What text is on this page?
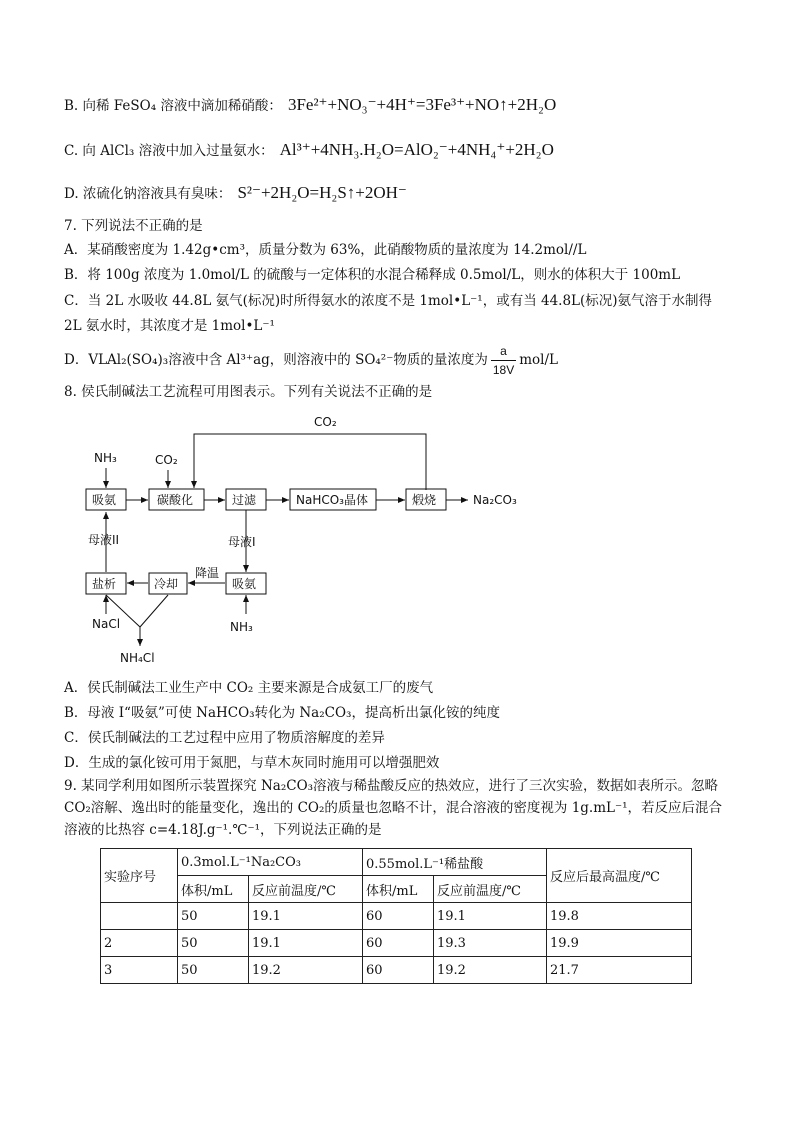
B. 向稀 FeSO₄ 溶液中滴加稀硝酸： 3Fe²⁺+NO₃⁻+4H⁺=3Fe³⁺+NO↑+2H₂O
C. 向 AlCl₃ 溶液中加入过量氨水： Al³⁺+4NH₃.H₂O=AlO₂⁻+4NH₄⁺+2H₂O
D. 浓硫化钠溶液具有臭味： S²⁻+2H₂O=H₂S↑+2OH⁻
7. 下列说法不正确的是
A．某硝酸密度为 1.42g•cm³，质量分数为 63%，此硝酸物质的量浓度为 14.2mol//L
B．将 100g 浓度为 1.0mol/L 的硫酸与一定体积的水混合稀释成 0.5mol/L，则水的体积大于 100mL
C．当 2L 水吸收 44.8L 氨气(标况)时所得氨水的浓度不是 1mol•L⁻¹，或有当 44.8L(标况)氨气溶于水制得
2L 氨水时，其浓度才是 1mol•L⁻¹
D．VLAl₂(SO₄)₃溶液中含 Al³⁺ag，则溶液中的 SO₄²⁻物质的量浓度为 $\frac{a}{18V} mol/L$
8. 侯氏制碱法工艺流程可用图表示。下列有关说法不正确的是
CO₂
NH₃	CO₂
吸氨	碳酸化	过滤	NaHCO₃晶体	煅烧	Na₂CO₃
母液II	母液I
盐析	冷却
降温
吸氨
NH₃
NaCl
NH₄Cl
A．侯氏制碱法工业生产中 CO₂ 主要来源是合成氨工厂的废气
B．母液 I“吸氨”可使 NaHCO₃转化为 Na₂CO₃，提高析出氯化铵的纯度
C．侯氏制碱法的工艺过程中应用了物质溶解度的差异
D．生成的氯化铵可用于氮肥，与草木灰同时施用可以增强肥效
9. 某同学利用如图所示装置探究 Na₂CO₃溶液与稀盐酸反应的热效应，进行了三次实验，数据如表所示。忽略 CO₂溶解、逸出时的能量变化，逸出的 CO₂的质量也忽略不计，混合溶液的密度视为 1g.mL⁻¹，若反应后混合溶液的比热容 c=4.18J.g⁻¹.℃⁻¹，下列说法正确的是
实验序号	0.3mol.L⁻¹Na₂CO₃		0.55mol.L⁻¹稀盐酸		反应后最高温度/℃
	体积/mL	反应前温度/℃	体积/mL	反应前温度/℃	
	50	19.1	60	19.1	19.8
2	50	19.1	60	19.3	19.9
3	50	19.2	60	19.2	21.7
